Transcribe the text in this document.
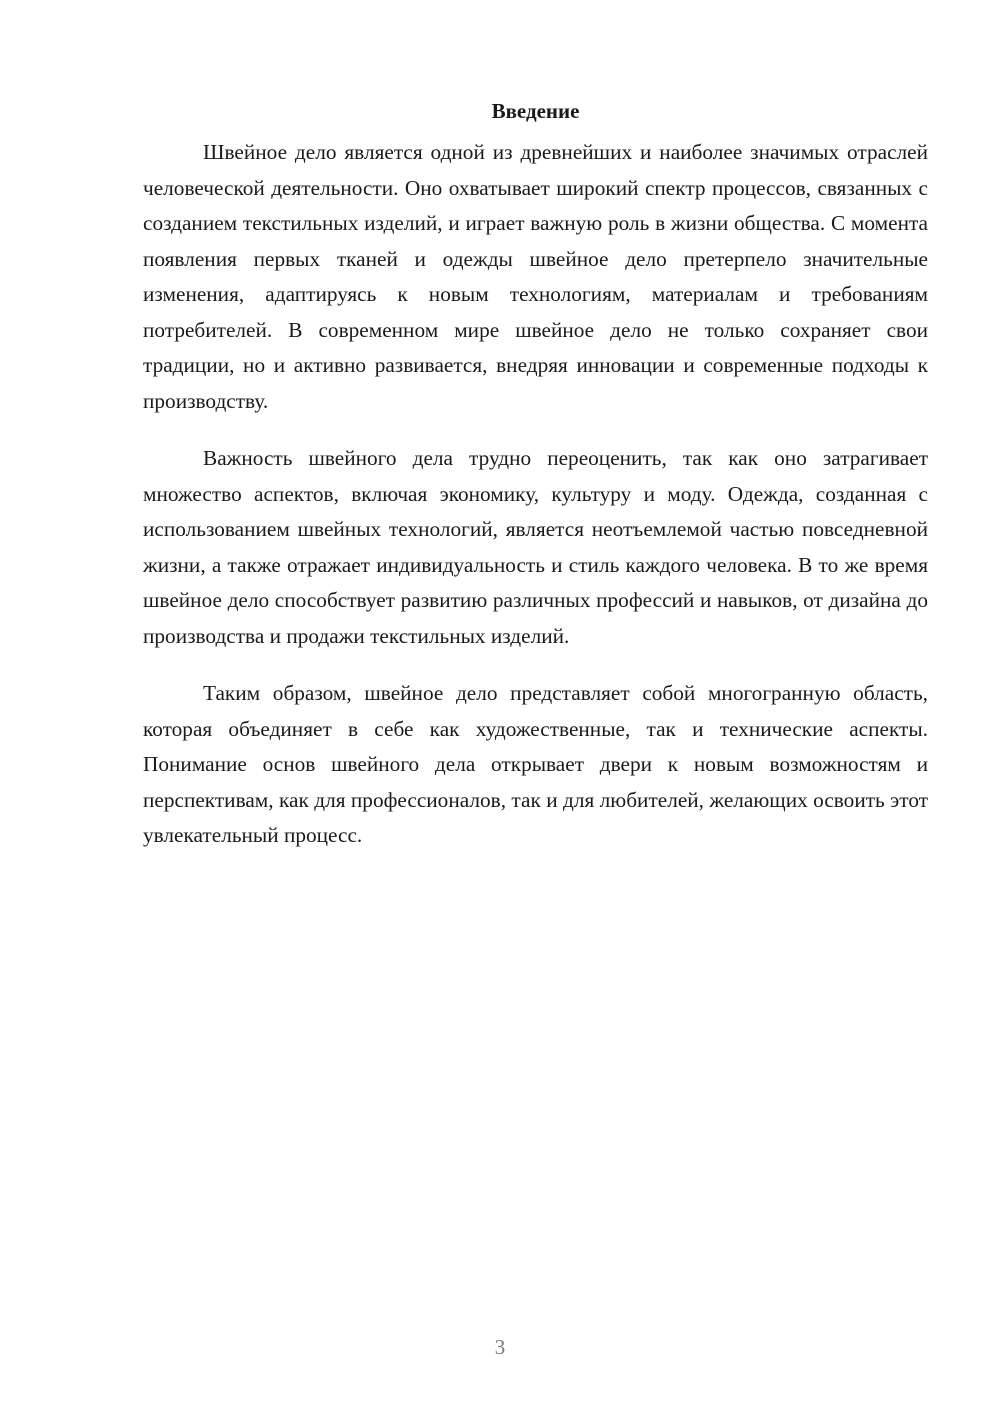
Введение

Швейное дело является одной из древнейших и наиболее значимых отраслей человеческой деятельности. Оно охватывает широкий спектр процессов, связанных с созданием текстильных изделий, и играет важную роль в жизни общества. С момента появления первых тканей и одежды швейное дело претерпело значительные изменения, адаптируясь к новым технологиям, материалам и требованиям потребителей. В современном мире швейное дело не только сохраняет свои традиции, но и активно развивается, внедряя инновации и современные подходы к производству.

Важность швейного дела трудно переоценить, так как оно затрагивает множество аспектов, включая экономику, культуру и моду. Одежда, созданная с использованием швейных технологий, является неотъемлемой частью повседневной жизни, а также отражает индивидуальность и стиль каждого человека. В то же время швейное дело способствует развитию различных профессий и навыков, от дизайна до производства и продажи текстильных изделий.

Таким образом, швейное дело представляет собой многогранную область, которая объединяет в себе как художественные, так и технические аспекты. Понимание основ швейного дела открывает двери к новым возможностям и перспективам, как для профессионалов, так и для любителей, желающих освоить этот увлекательный процесс.

3
